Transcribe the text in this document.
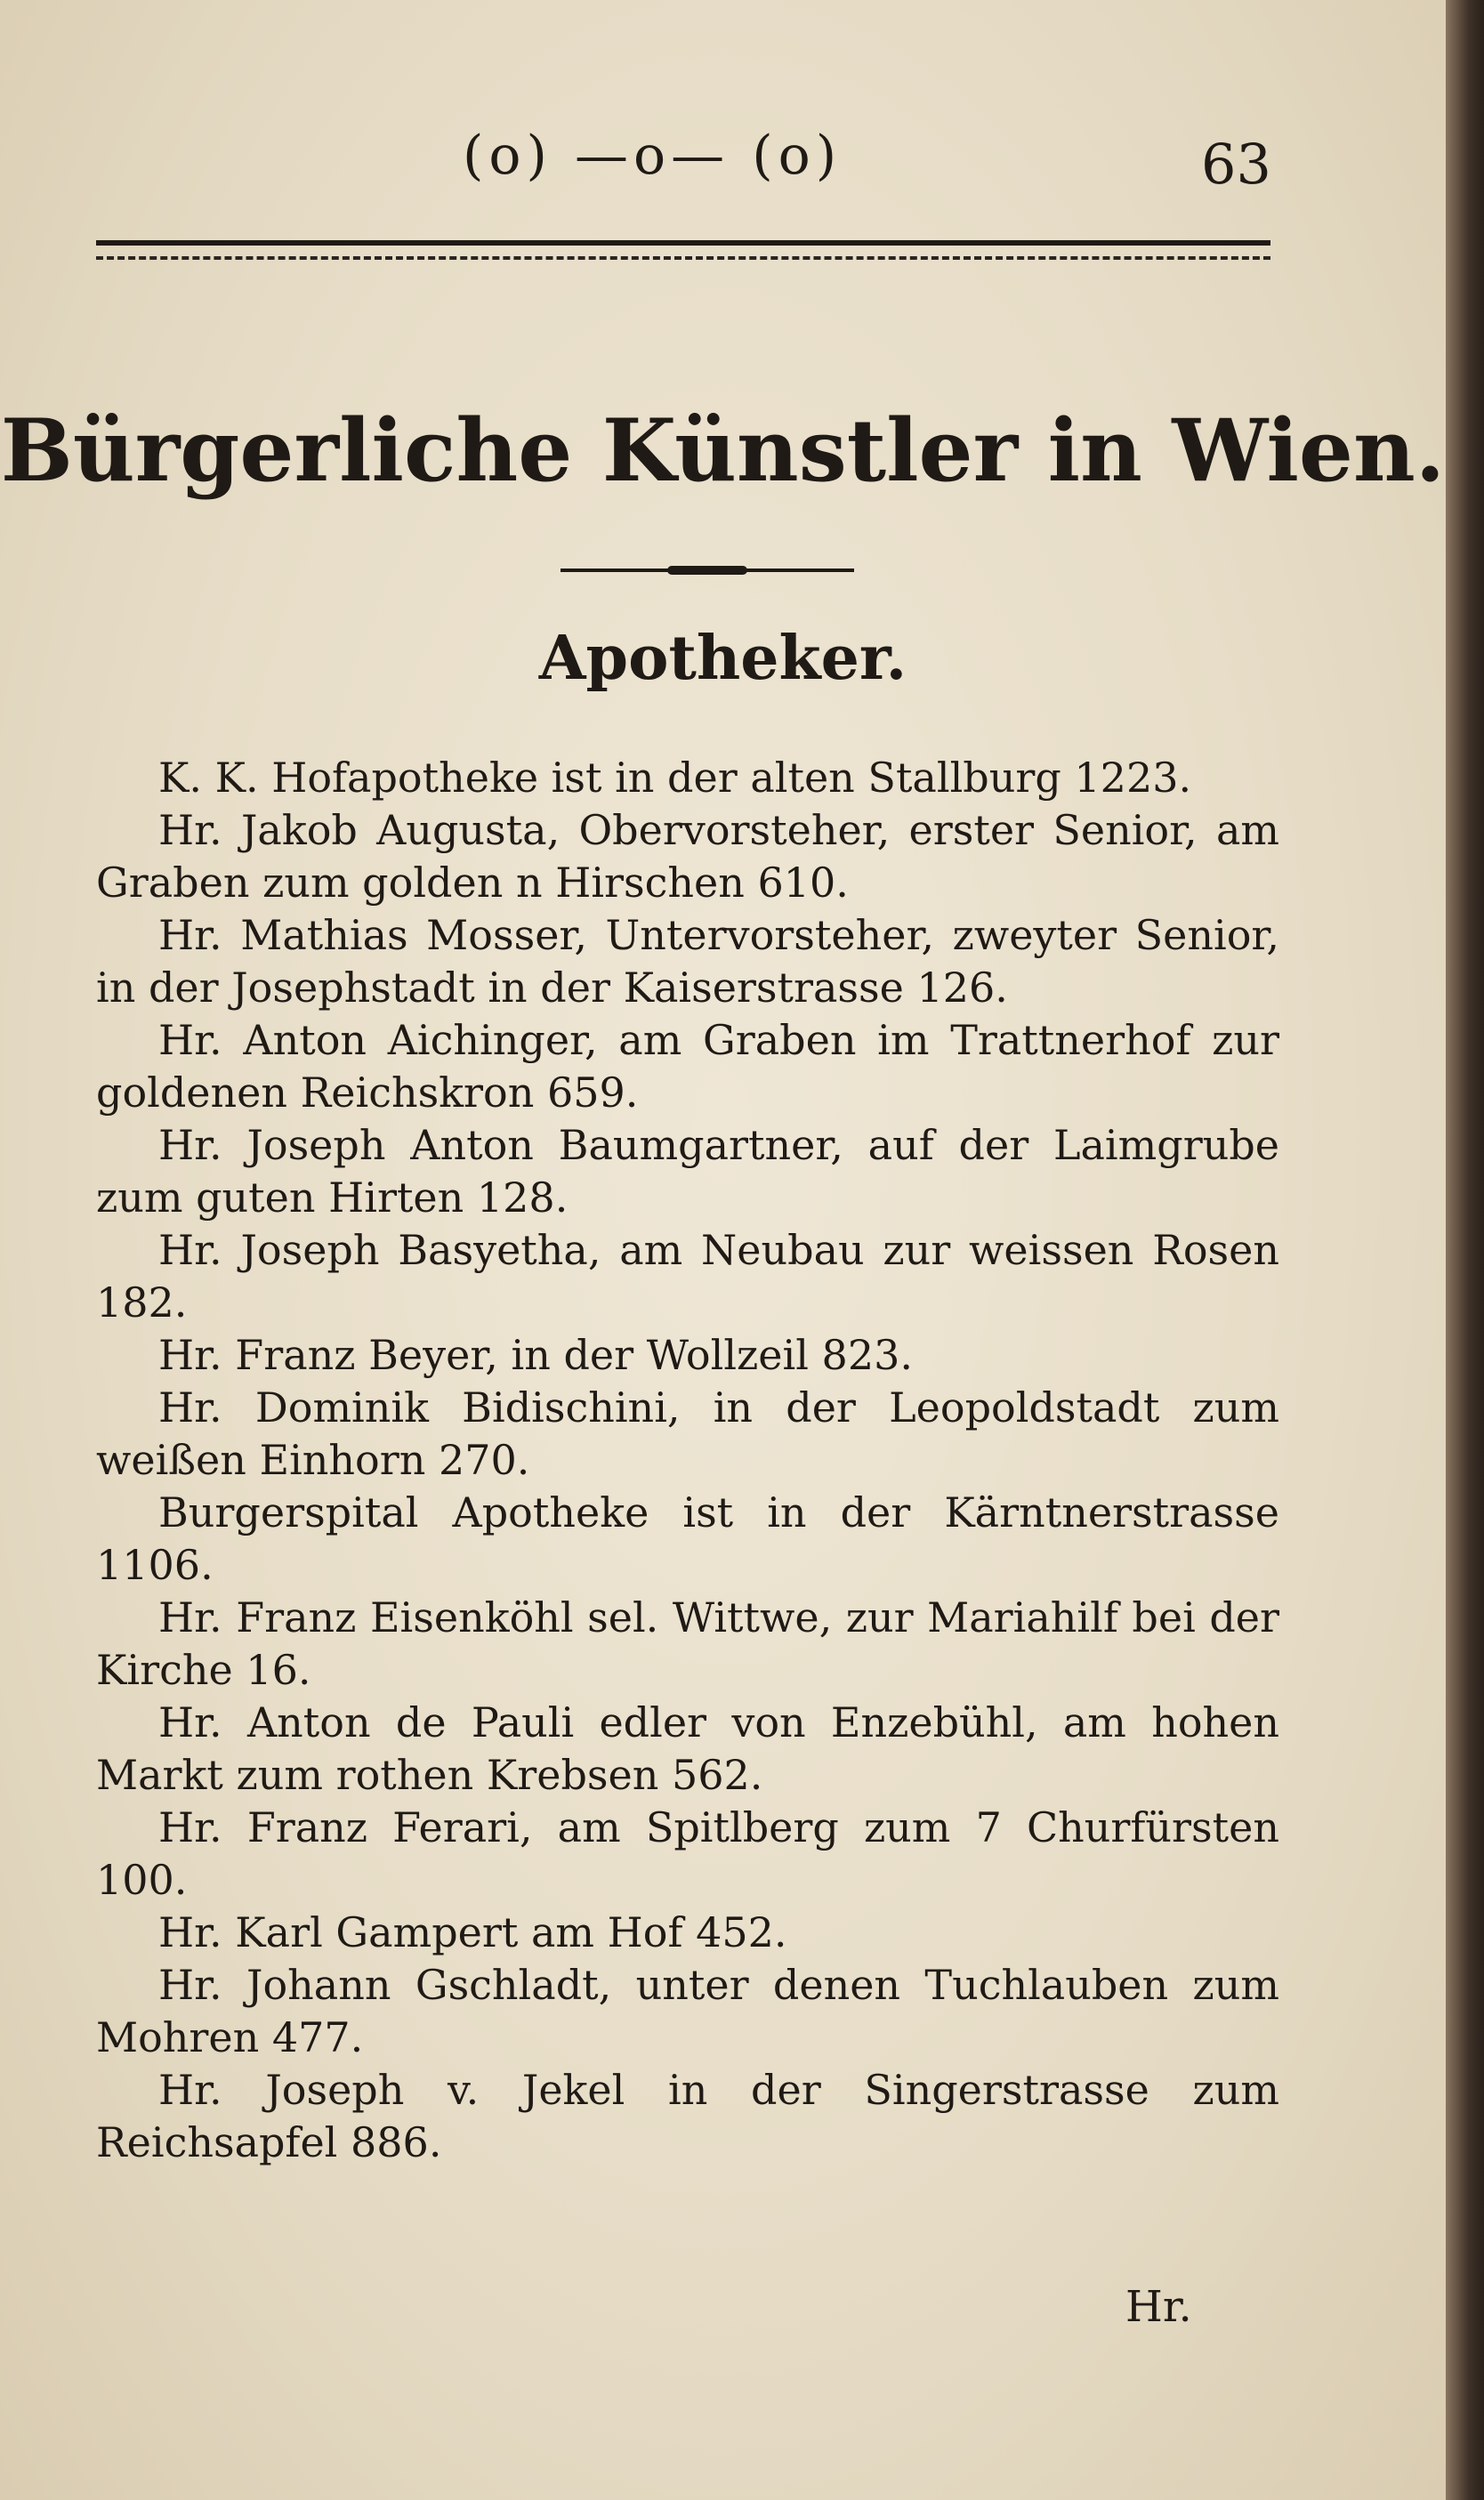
(o) —o— (o)	63
Bürgerliche Künstler in Wien.
Apotheker.

K. K. Hofapotheke ist in der alten Stallburg 1223.

Hr. Jakob Augusta, Obervorsteher, erster Senior, am Graben zum golden n Hirschen 610.

Hr. Mathias Mosser, Untervorsteher, zweyter Senior, in der Josephstadt in der Kaiserstrasse 126.

Hr. Anton Aichinger, am Graben im Trattnerhof zur goldenen Reichskron 659.

Hr. Joseph Anton Baumgartner, auf der Laimgrube zum guten Hirten 128.

Hr. Joseph Basyetha, am Neubau zur weissen Rosen 182.

Hr. Franz Beyer, in der Wollzeil 823.

Hr. Dominik Bidischini, in der Leopoldstadt zum weißen Einhorn 270.

Burgerspital Apotheke ist in der Kärntnerstrasse 1106.

Hr. Franz Eisenköhl sel. Wittwe, zur Mariahilf bei der Kirche 16.

Hr. Anton de Pauli edler von Enzebühl, am hohen Markt zum rothen Krebsen 562.

Hr. Franz Ferari, am Spitlberg zum 7 Churfürsten 100.

Hr. Karl Gampert am Hof 452.

Hr. Johann Gschladt, unter denen Tuchlauben zum Mohren 477.

Hr. Joseph v. Jekel in der Singerstrasse zum Reichsapfel 886.

Hr.
